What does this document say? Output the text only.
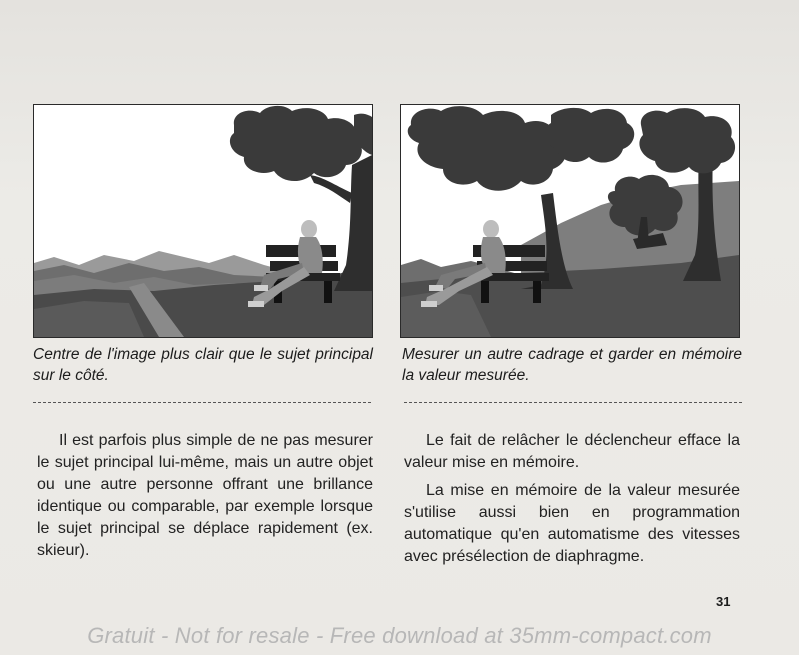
Centre de l'image plus clair que le sujet principal sur le côté.
Mesurer un autre cadrage et garder en mémoire la valeur mesurée.

Il est parfois plus simple de ne pas mesurer le sujet principal lui-même, mais un autre objet ou une autre personne offrant une brillance identique ou comparable, par exemple lorsque le sujet principal se déplace rapidement (ex. skieur).

Le fait de relâcher le déclencheur efface la valeur mise en mémoire.

La mise en mémoire de la valeur mesurée s'utilise aussi bien en programmation automatique qu'en automatisme des vitesses avec présélection de diaphragme.

31
Gratuit - Not for resale - Free download at 35mm-compact.com
